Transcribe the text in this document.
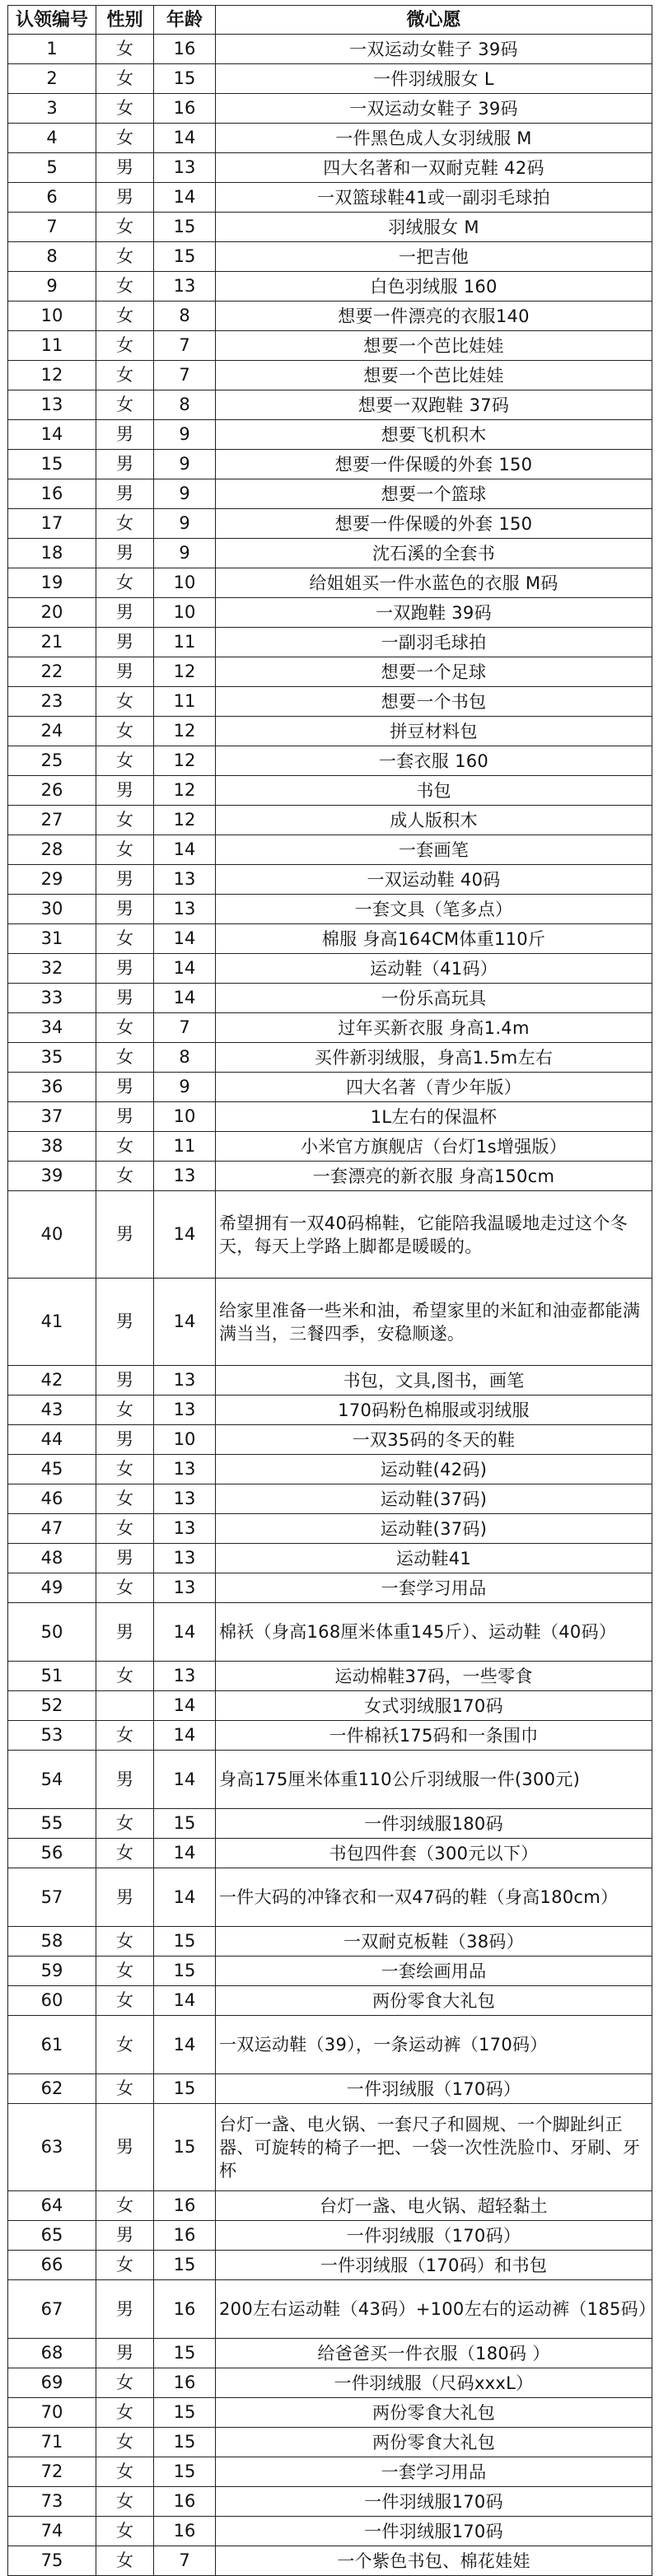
认领编号	性别	年龄	微心愿
1	女	16	一双运动女鞋子 39码
2	女	15	一件羽绒服女 L
3	女	16	一双运动女鞋子 39码
4	女	14	一件黑色成人女羽绒服 M
5	男	13	四大名著和一双耐克鞋 42码
6	男	14	一双篮球鞋41或一副羽毛球拍
7	女	15	羽绒服女 M
8	女	15	一把吉他
9	女	13	白色羽绒服 160
10	女	8	想要一件漂亮的衣服140
11	女	7	想要一个芭比娃娃
12	女	7	想要一个芭比娃娃
13	女	8	想要一双跑鞋 37码
14	男	9	想要飞机积木
15	男	9	想要一件保暖的外套 150
16	男	9	想要一个篮球
17	女	9	想要一件保暖的外套 150
18	男	9	沈石溪的全套书
19	女	10	给姐姐买一件水蓝色的衣服 M码
20	男	10	一双跑鞋 39码
21	男	11	一副羽毛球拍
22	男	12	想要一个足球
23	女	11	想要一个书包
24	女	12	拼豆材料包
25	女	12	一套衣服 160
26	男	12	书包
27	女	12	成人版积木
28	女	14	一套画笔
29	男	13	一双运动鞋 40码
30	男	13	一套文具（笔多点）
31	女	14	棉服 身高164CM体重110斤
32	男	14	运动鞋（41码）
33	男	14	一份乐高玩具
34	女	7	过年买新衣服 身高1.4m
35	女	8	买件新羽绒服，身高1.5m左右
36	男	9	四大名著（青少年版）
37	男	10	1L左右的保温杯
38	女	11	小米官方旗舰店（台灯1s增强版）
39	女	13	一套漂亮的新衣服 身高150cm
40	男	14	希望拥有一双40码棉鞋，它能陪我温暖地走过这个冬天，每天上学路上脚都是暖暖的。
41	男	14	给家里准备一些米和油，希望家里的米缸和油壶都能满满当当，三餐四季，安稳顺遂。
42	男	13	书包，文具,图书，画笔
43	女	13	170码粉色棉服或羽绒服
44	男	10	一双35码的冬天的鞋
45	女	13	运动鞋(42码)
46	女	13	运动鞋(37码)
47	女	13	运动鞋(37码)
48	男	13	运动鞋41
49	女	13	一套学习用品
50	男	14	棉袄（身高168厘米体重145斤）、运动鞋（40码）
51	女	13	运动棉鞋37码，一些零食
52		14	女式羽绒服170码
53	女	14	一件棉袄175码和一条围巾
54	男	14	身高175厘米体重110公斤羽绒服一件(300元)
55	女	15	一件羽绒服180码
56	女	14	书包四件套（300元以下）
57	男	14	一件大码的冲锋衣和一双47码的鞋（身高180cm）
58	女	15	一双耐克板鞋（38码）
59	女	15	一套绘画用品
60	女	14	两份零食大礼包
61	女	14	一双运动鞋（39），一条运动裤（170码）
62	女	15	一件羽绒服（170码）
63	男	15	台灯一盏、电火锅、一套尺子和圆规、一个脚趾纠正器、可旋转的椅子一把、一袋一次性洗脸巾、牙刷、牙杯
64	女	16	台灯一盏、电火锅、超轻黏土
65	男	16	一件羽绒服（170码）
66	女	15	一件羽绒服（170码）和书包
67	男	16	200左右运动鞋（43码）+100左右的运动裤（185码）
68	男	15	给爸爸买一件衣服（180码 ）
69	女	16	一件羽绒服（尺码xxxL）
70	女	15	两份零食大礼包
71	女	15	两份零食大礼包
72	女	15	一套学习用品
73	女	16	一件羽绒服170码
74	女	16	一件羽绒服170码
75	女	7	一个紫色书包、棉花娃娃
